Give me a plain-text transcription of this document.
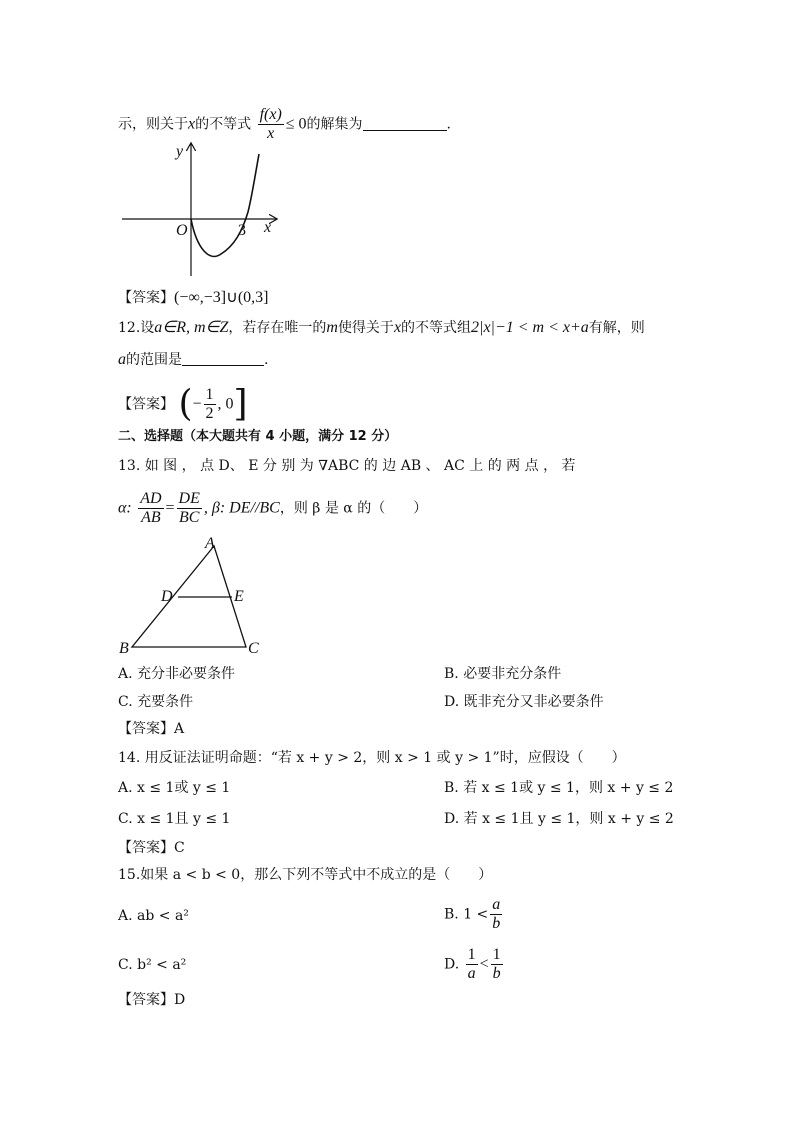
示，则关于x的不等式 $\frac{f(x)}{x} \le 0$的解集为	.
y
x
O	3
【答案】(−∞,−3]∪(0,3]
12.设a∈R, m∈Z，若存在唯一的m使得关于x的不等式组2|x|−1 < m < x+a有解，则
a的范围是	.
【答案】 (− $\frac{1}{2}$ , 0]
二、选择题（本大题共有 4 小题，满分 12 分）
13. 如 图 ， 点 D、 E 分 别 为 ∇ABC 的 边 AB 、 AC 上 的 两 点 ， 若
α: $\frac{AD}{AB} = \frac{DE}{BC}$ , β: DE//BC，则 β 是 α 的（　　）
A
D	E
B	C
A. 充分非必要条件	B. 必要非充分条件
C. 充要条件	D. 既非充分又非必要条件
【答案】A
14. 用反证法证明命题：“若 x + y > 2，则 x > 1 或 y > 1”时，应假设（　　）
A. x ≤ 1或 y ≤ 1	B. 若 x ≤ 1或 y ≤ 1，则 x + y ≤ 2
C. x ≤ 1且 y ≤ 1	D. 若 x ≤ 1且 y ≤ 1，则 x + y ≤ 2
【答案】C
15.如果 a < b < 0，那么下列不等式中不成立的是（　　）
A. ab < a²	B. $1 < \frac{a}{b}$
C. b² < a²	D. $\frac{1}{a} < \frac{1}{b}$
【答案】D
